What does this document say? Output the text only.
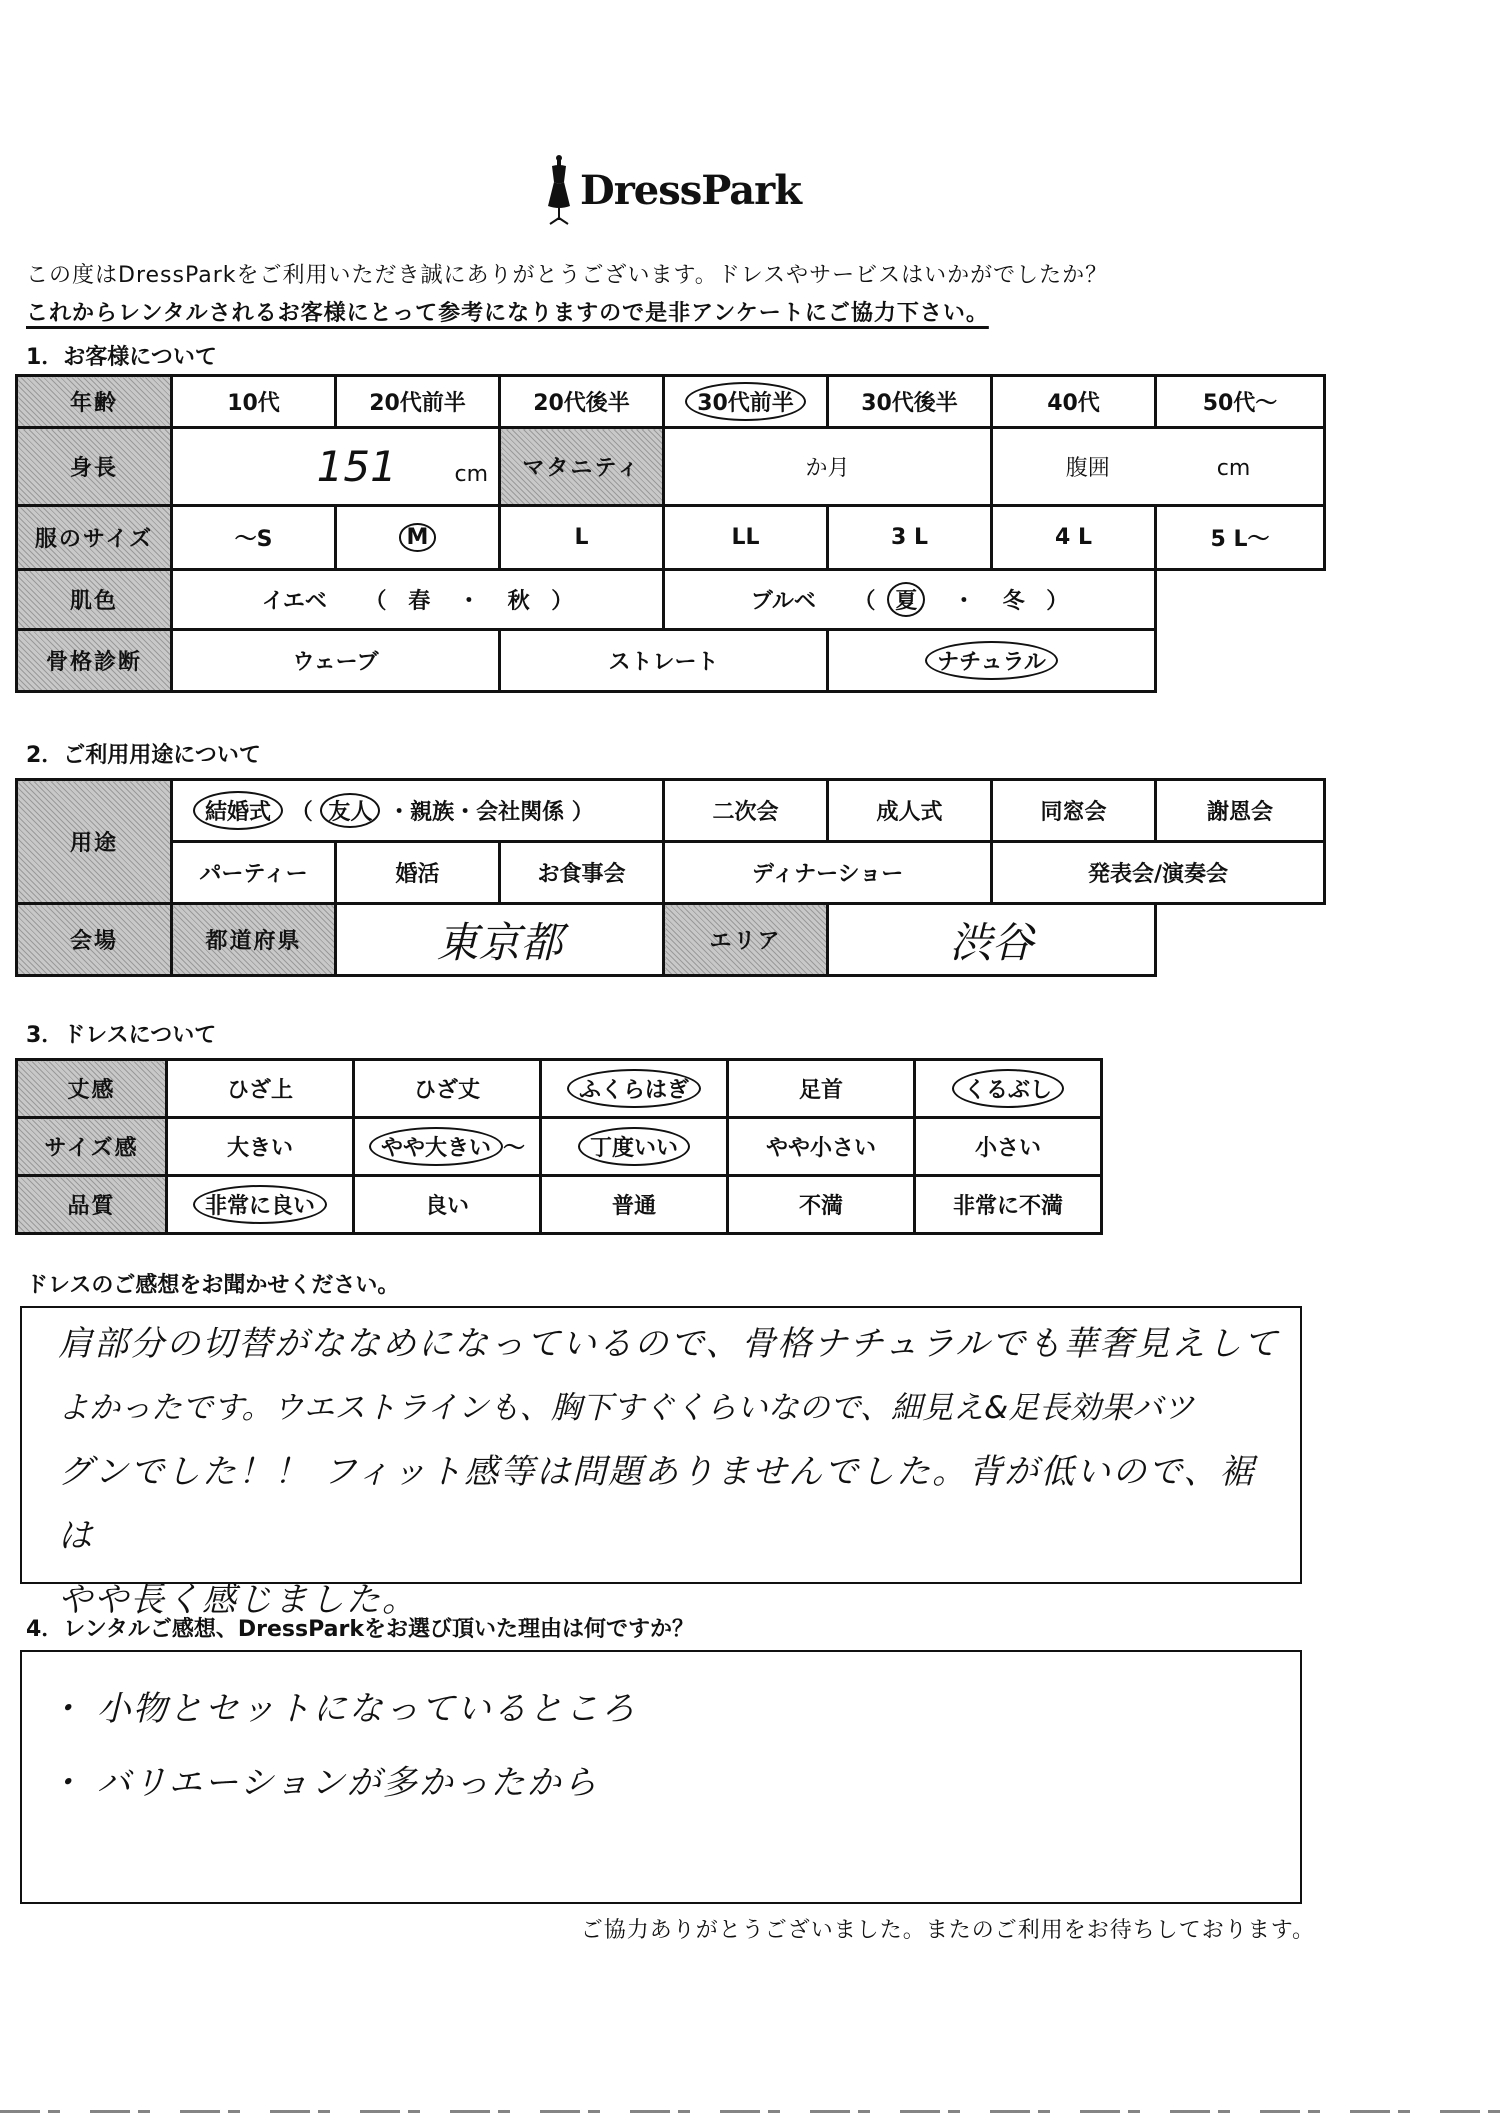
DressPark
この度はDressParkをご利用いただき誠にありがとうございます。ドレスやサービスはいかがでしたか？
これからレンタルされるお客様にとって参考になりますので是非アンケートにご協力下さい。
1．お客様について
年齢	10代	20代前半	20代後半	30代前半	30代後半	40代	50代～
身長	151 cm		マタニティ	か月		腹囲 cm	
服のサイズ	～S	M	L	LL	3 L	4 L	5 L～
肌色	イエベ （ 春 ・ 秋 ）			ブルベ （ 夏 ・ 冬 ）			
骨格診断	ウェーブ		ストレート		ナチュラル		
2．ご利用用途について
用途	結婚式 （ 友人 ・親族・会社関係 ）			二次会	成人式	同窓会	謝恩会
	パーティー	婚活	お食事会	ディナーショー		発表会/演奏会	
会場	都道府県	東京都		エリア	渋谷		
3．ドレスについて
丈感	ひざ上	ひざ丈	ふくらはぎ	足首	くるぶし
サイズ感	大きい	やや大きい ～	丁度いい	やや小さい	小さい
品質	非常に良い	良い	普通	不満	非常に不満
ドレスのご感想をお聞かせください。
肩部分の切替がななめになっているので、骨格ナチュラルでも華奢見えして
よかったです。ウエストラインも、胸下すぐくらいなので、細見え&足長効果バツ
グンでした！！ フィット感等は問題ありませんでした。背が低いので、裾は
やや長く感じました。
4．レンタルご感想、DressParkをお選び頂いた理由は何ですか？
・ 小物とセットになっているところ
・ バリエーションが多かったから
ご協力ありがとうございました。またのご利用をお待ちしております。
